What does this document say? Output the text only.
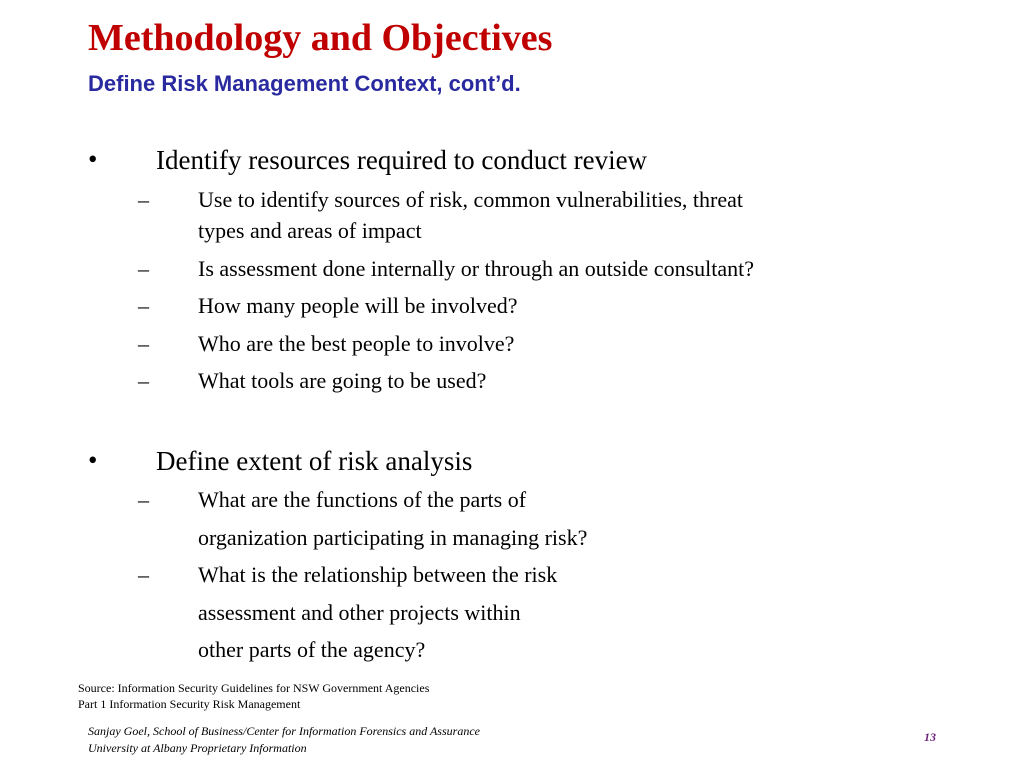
Methodology and Objectives
Define Risk Management Context, cont’d.
• Identify resources required to conduct review
– Use to identify sources of risk, common vulnerabilities, threat
types and areas of impact
– Is assessment done internally or through an outside consultant?
– How many people will be involved?
– Who are the best people to involve?
– What tools are going to be used?
• Define extent of risk analysis
– What are the functions of the parts of
organization participating in managing risk?
– What is the relationship between the risk
assessment and other projects within
other parts of the agency?
Source: Information Security Guidelines for NSW Government Agencies
Part 1 Information Security Risk Management
Sanjay Goel, School of Business/Center for Information Forensics and Assurance
University at Albany Proprietary Information
13
